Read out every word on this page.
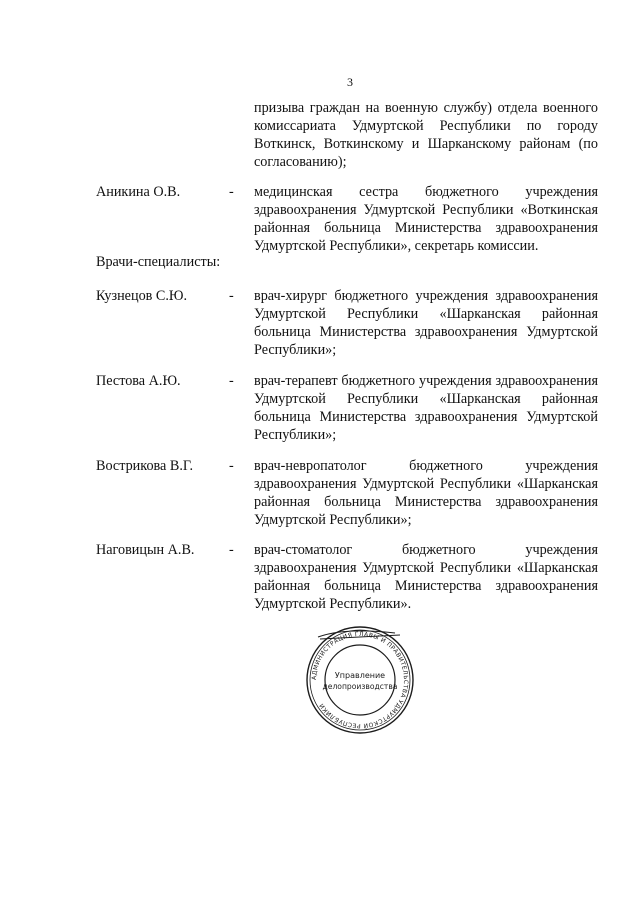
3
призыва граждан на военную службу) отдела военного комиссариата Удмуртской Республики по городу Воткинск, Воткинскому и Шарканскому районам (по согласованию);
Аникина О.В.	- медицинская сестра бюджетного учреждения здравоохранения Удмуртской Республики «Воткинская районная больница Министерства здравоохранения Удмуртской Республики», секретарь комиссии.
Врачи-специалисты:
Кузнецов С.Ю.	- врач-хирург бюджетного учреждения здравоохранения Удмуртской Республики «Шарканская районная больница Министерства здравоохранения Удмуртской Республики»;
Пестова А.Ю.	- врач-терапевт бюджетного учреждения здравоохранения Удмуртской Республики «Шарканская районная больница Министерства здравоохранения Удмуртской Республики»;
Вострикова В.Г.	- врач-невропатолог бюджетного учреждения здравоохранения Удмуртской Республики «Шарканская районная больница Министерства здравоохранения Удмуртской Республики»;
Наговицын А.В. - врач-стоматолог бюджетного учреждения здравоохранения Удмуртской Республики «Шарканская районная больница Министерства здравоохранения Удмуртской Республики».
АДМИНИСТРАЦИЯ ГЛАВЫ И ПРАВИТЕЛЬСТВА УДМУРТСКОЙ РЕСПУБЛИКИ
Управление
делопроизводства
